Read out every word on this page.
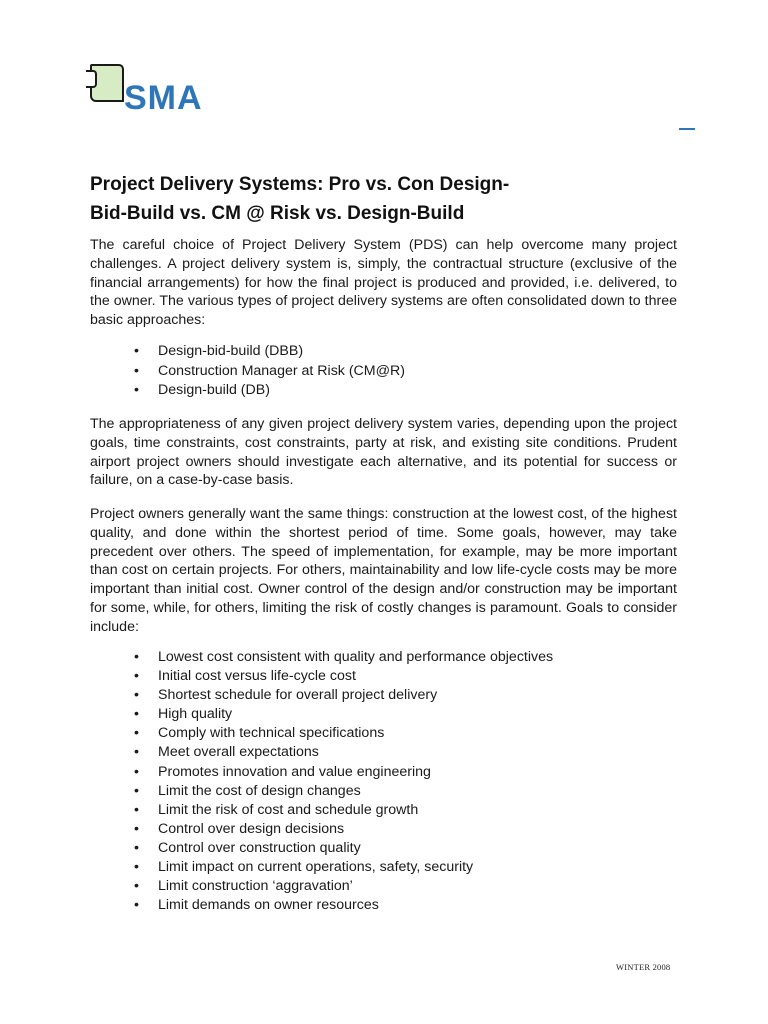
SMA
Project Delivery Systems: Pro vs. Con Design-
Bid-Build vs. CM @ Risk vs. Design-Build
The careful choice of Project Delivery System (PDS) can help overcome many project challenges. A project delivery system is, simply, the contractual structure (exclusive of the financial arrangements) for how the final project is produced and provided, i.e. delivered, to the owner. The various types of project delivery systems are often consolidated down to three basic approaches:
• Design-bid-build (DBB)
• Construction Manager at Risk (CM@R)
• Design-build (DB)
The appropriateness of any given project delivery system varies, depending upon the project goals, time constraints, cost constraints, party at risk, and existing site conditions. Prudent airport project owners should investigate each alternative, and its potential for success or failure, on a case-by-case basis.
Project owners generally want the same things: construction at the lowest cost, of the highest quality, and done within the shortest period of time. Some goals, however, may take precedent over others. The speed of implementation, for example, may be more important than cost on certain projects. For others, maintainability and low life-cycle costs may be more important than initial cost. Owner control of the design and/or construction may be important for some, while, for others, limiting the risk of costly changes is paramount. Goals to consider include:
• Lowest cost consistent with quality and performance objectives
• Initial cost versus life-cycle cost
• Shortest schedule for overall project delivery
• High quality
• Comply with technical specifications
• Meet overall expectations
• Promotes innovation and value engineering
• Limit the cost of design changes
• Limit the risk of cost and schedule growth
• Control over design decisions
• Control over construction quality
• Limit impact on current operations, safety, security
• Limit construction ‘aggravation’
• Limit demands on owner resources
WINTER 2008
